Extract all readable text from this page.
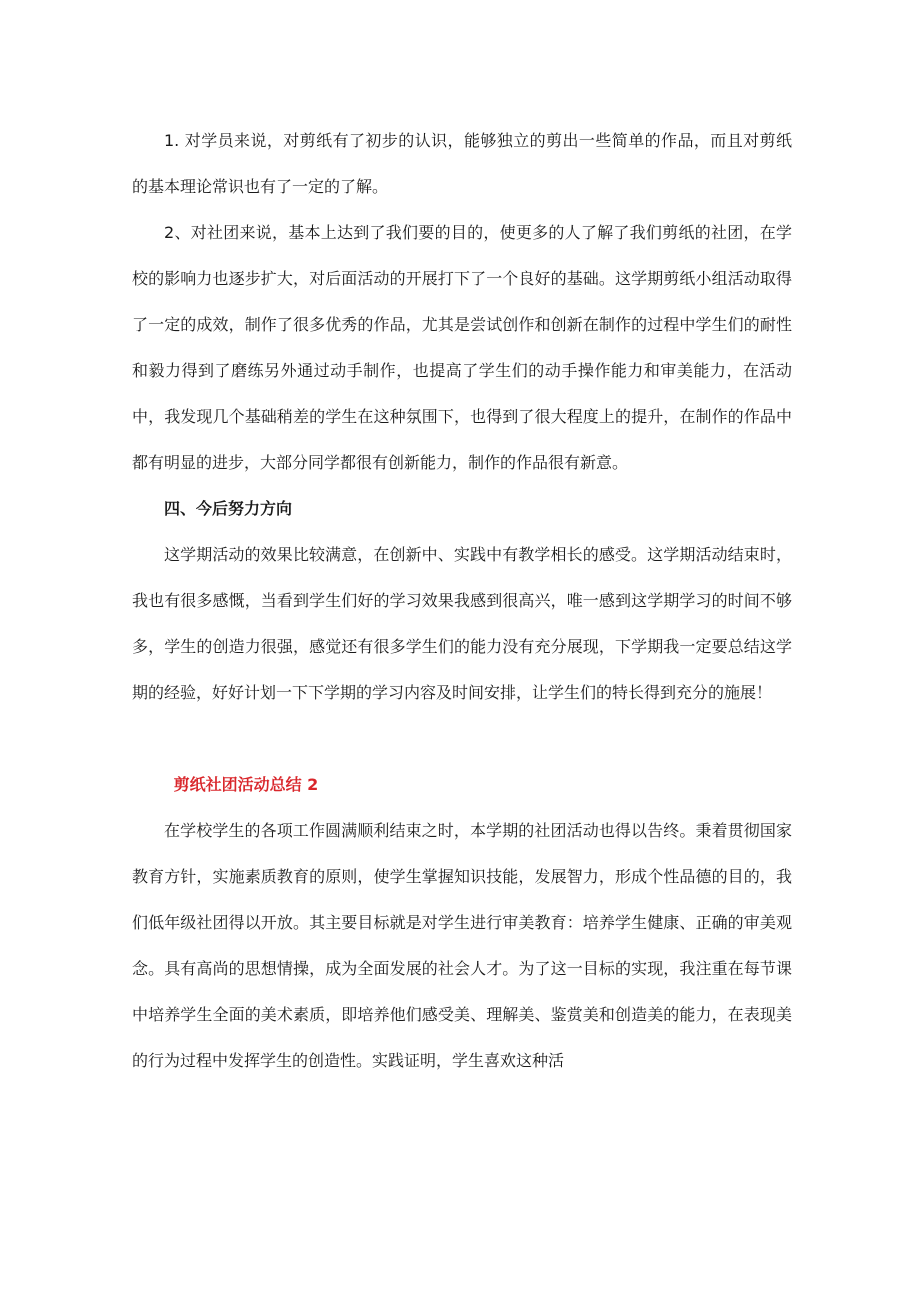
1. 对学员来说，对剪纸有了初步的认识，能够独立的剪出一些简单的作品，而且对剪纸的基本理论常识也有了一定的了解。

2、对社团来说，基本上达到了我们要的目的，使更多的人了解了我们剪纸的社团，在学校的影响力也逐步扩大，对后面活动的开展打下了一个良好的基础。这学期剪纸小组活动取得了一定的成效，制作了很多优秀的作品，尤其是尝试创作和创新在制作的过程中学生们的耐性和毅力得到了磨练另外通过动手制作，也提高了学生们的动手操作能力和审美能力，在活动中，我发现几个基础稍差的学生在这种氛围下，也得到了很大程度上的提升，在制作的作品中都有明显的进步，大部分同学都很有创新能力，制作的作品很有新意。

四、今后努力方向

这学期活动的效果比较满意，在创新中、实践中有教学相长的感受。这学期活动结束时，我也有很多感慨，当看到学生们好的学习效果我感到很高兴，唯一感到这学期学习的时间不够多，学生的创造力很强，感觉还有很多学生们的能力没有充分展现，下学期我一定要总结这学期的经验，好好计划一下下学期的学习内容及时间安排，让学生们的特长得到充分的施展！

剪纸社团活动总结 2

在学校学生的各项工作圆满顺利结束之时，本学期的社团活动也得以告终。秉着贯彻国家教育方针，实施素质教育的原则，使学生掌握知识技能，发展智力，形成个性品德的目的，我们低年级社团得以开放。其主要目标就是对学生进行审美教育：培养学生健康、正确的审美观念。具有高尚的思想情操，成为全面发展的社会人才。为了这一目标的实现，我注重在每节课中培养学生全面的美术素质，即培养他们感受美、理解美、鉴赏美和创造美的能力，在表现美的行为过程中发挥学生的创造性。实践证明，学生喜欢这种活
